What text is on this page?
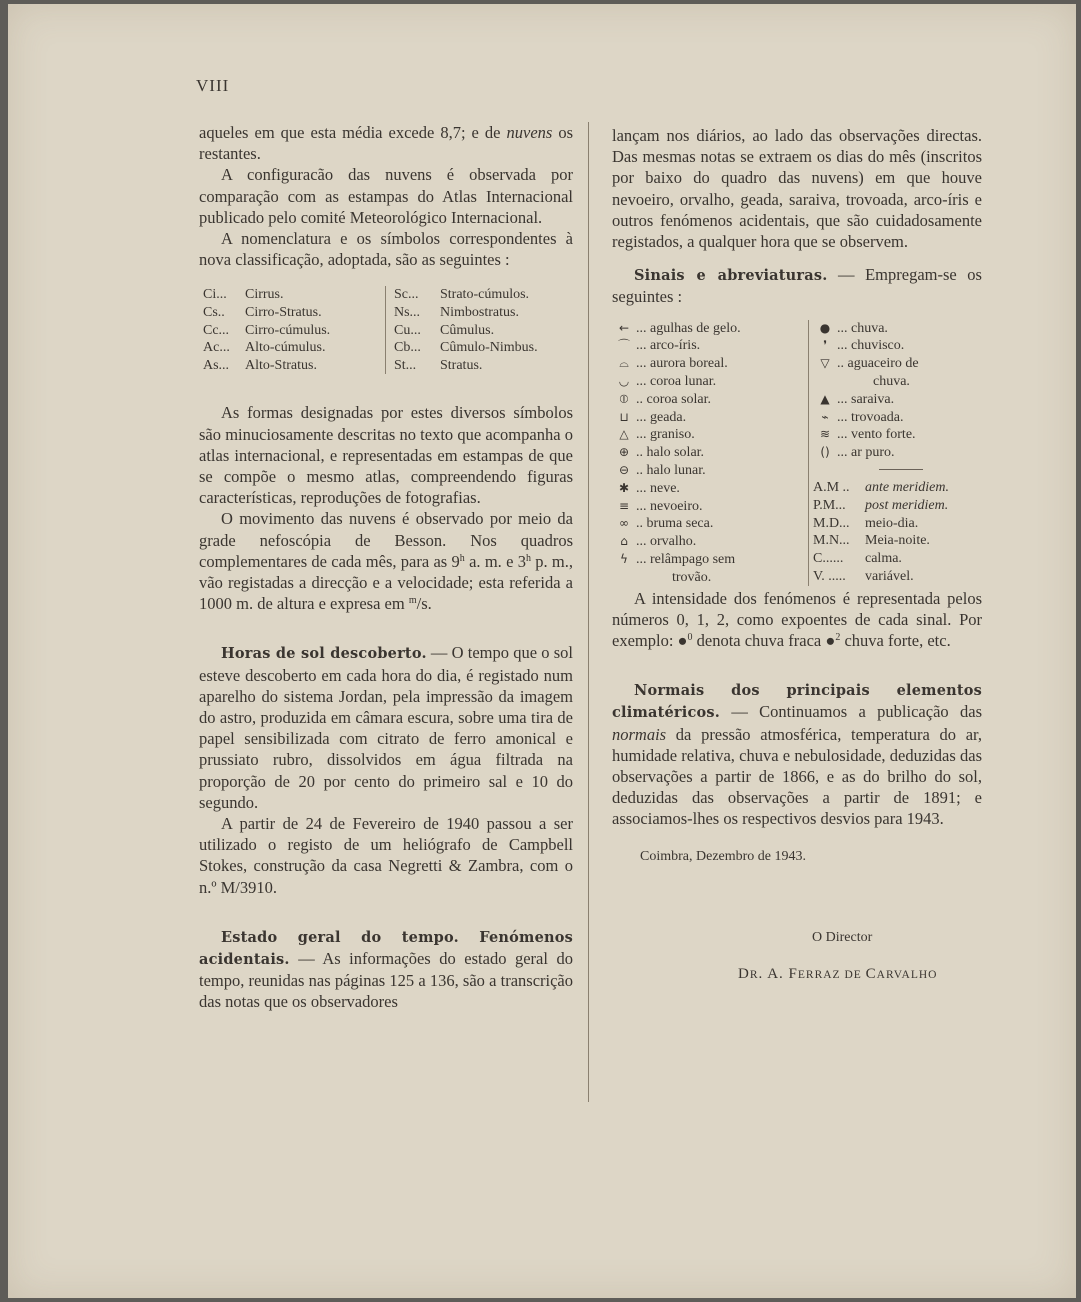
VIII

aqueles em que esta média excede 8,7; e de nuvens os restantes.

A configuracão das nuvens é observada por comparação com as estampas do Atlas Internacional publicado pelo comité Meteorológico Internacional.

A nomenclatura e os símbolos correspondentes à nova classificação, adoptada, são as seguintes :

Ci...	Cirrus.	Sc...	Strato-cúmulos.
Cs..	Cirro-Stratus.	Ns...	Nimbostratus.
Cc...	Cirro-cúmulus.	Cu...	Cûmulus.
Ac...	Alto-cúmulus.	Cb...	Cûmulo-Nimbus.
As...	Alto-Stratus.	St...	Stratus.

As formas designadas por estes diversos símbolos são minuciosamente descritas no texto que acompanha o atlas internacional, e representadas em estampas de que se compõe o mesmo atlas, compreendendo figuras características, reproduções de fotografias.

O movimento das nuvens é observado por meio da grade nefoscópia de Besson. Nos quadros complementares de cada mês, para as 9$^h$ a. m. e 3$^h$ p. m., vão registadas a direcção e a velocidade; esta referida a 1000 m. de altura e expresa em $^m$/s.

Horas de sol descoberto. — O tempo que o sol esteve descoberto em cada hora do dia, é registado num aparelho do sistema Jordan, pela impressão da imagem do astro, produzida em câmara escura, sobre uma tira de papel sensibilizada com citrato de ferro amonical e prussiato rubro, dissolvidos em água filtrada na proporção de 20 por cento do primeiro sal e 10 do segundo.

A partir de 24 de Fevereiro de 1940 passou a ser utilizado o registo de um heliógrafo de Campbell Stokes, construção da casa Negretti & Zambra, com o n.º M/3910.

Estado geral do tempo. Fenómenos acidentais. — As informações do estado geral do tempo, reunidas nas páginas 125 a 136, são a transcrição das notas que os observadores

lançam nos diários, ao lado das observações directas. Das mesmas notas se extraem os dias do mês (inscritos por baixo do quadro das nuvens) em que houve nevoeiro, orvalho, geada, saraiva, trovoada, arco-íris e outros fenómenos acidentais, que são cuidadosamente registados, a qualquer hora que se observem.

Sinais e abreviaturas. — Empregam-se os seguintes :

← ... agulhas de gelo.
⌒ ... arco-íris.
⌓ ... aurora boreal.
◡ ... coroa lunar.
⦶ .. coroa solar.
⊔ ... geada.
△ ... graniso.
⊕ .. halo solar.
⊖ .. halo lunar.
✱ ... neve.
≡ ... nevoeiro.
∞ .. bruma seca.
⌂ ... orvalho.
ϟ ... relâmpago sem
trovão.
● ... chuva.
❜ ... chuvisco.
▽ .. aguaceiro de
chuva.
▲ ... saraiva.
⌁ ... trovoada.
≋ ... vento forte.
() ... ar puro.
A.M ..	ante meridiem.
P.M...	post meridiem.
M.D...	meio-dia.
M.N...	Meia-noite.
C......	calma.
V. .....	variável.

A intensidade dos fenómenos é representada pelos números 0, 1, 2, como expoentes de cada sinal. Por exemplo: ●$^0$ denota chuva fraca ●$^2$ chuva forte, etc.

Normais dos principais elementos climatéricos. — Continuamos a publicação das normais da pressão atmosférica, temperatura do ar, humidade relativa, chuva e nebulosidade, deduzidas das observações a partir de 1866, e as do brilho do sol, deduzidas das observações a partir de 1891; e associamos-lhes os respectivos desvios para 1943.

Coimbra, Dezembro de 1943.
O Director
DR. A. FERRAZ DE CARVALHO
